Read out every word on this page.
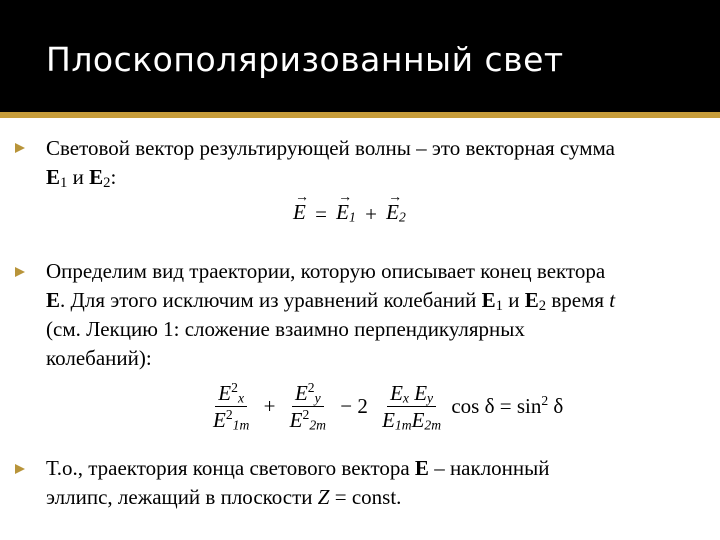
Плоскополяризованный свет
Световой вектор результирующей волны – это векторная сумма
$E_1$ и $E_2$:
→
E =
→
$E_1$ +
→
$E_2$
Определим вид траектории, которую описывает конец вектора
E. Для этого исключим из уравнений колебаний $E_1$ и $E_2$ время t
(см. Лекцию 1: сложение взаимно перпендикулярных
колебаний):
$\frac{E^2_x}{E^2_{1m}} + \frac{E^2_y}{E^2_{2m}} - 2 \frac{E_x E_y}{E_{1m}E_{2m}}$ $\cos \delta = \sin^2 \delta$
Т.о., траектория конца светового вектора E – наклонный
эллипс, лежащий в плоскости Z = const.
